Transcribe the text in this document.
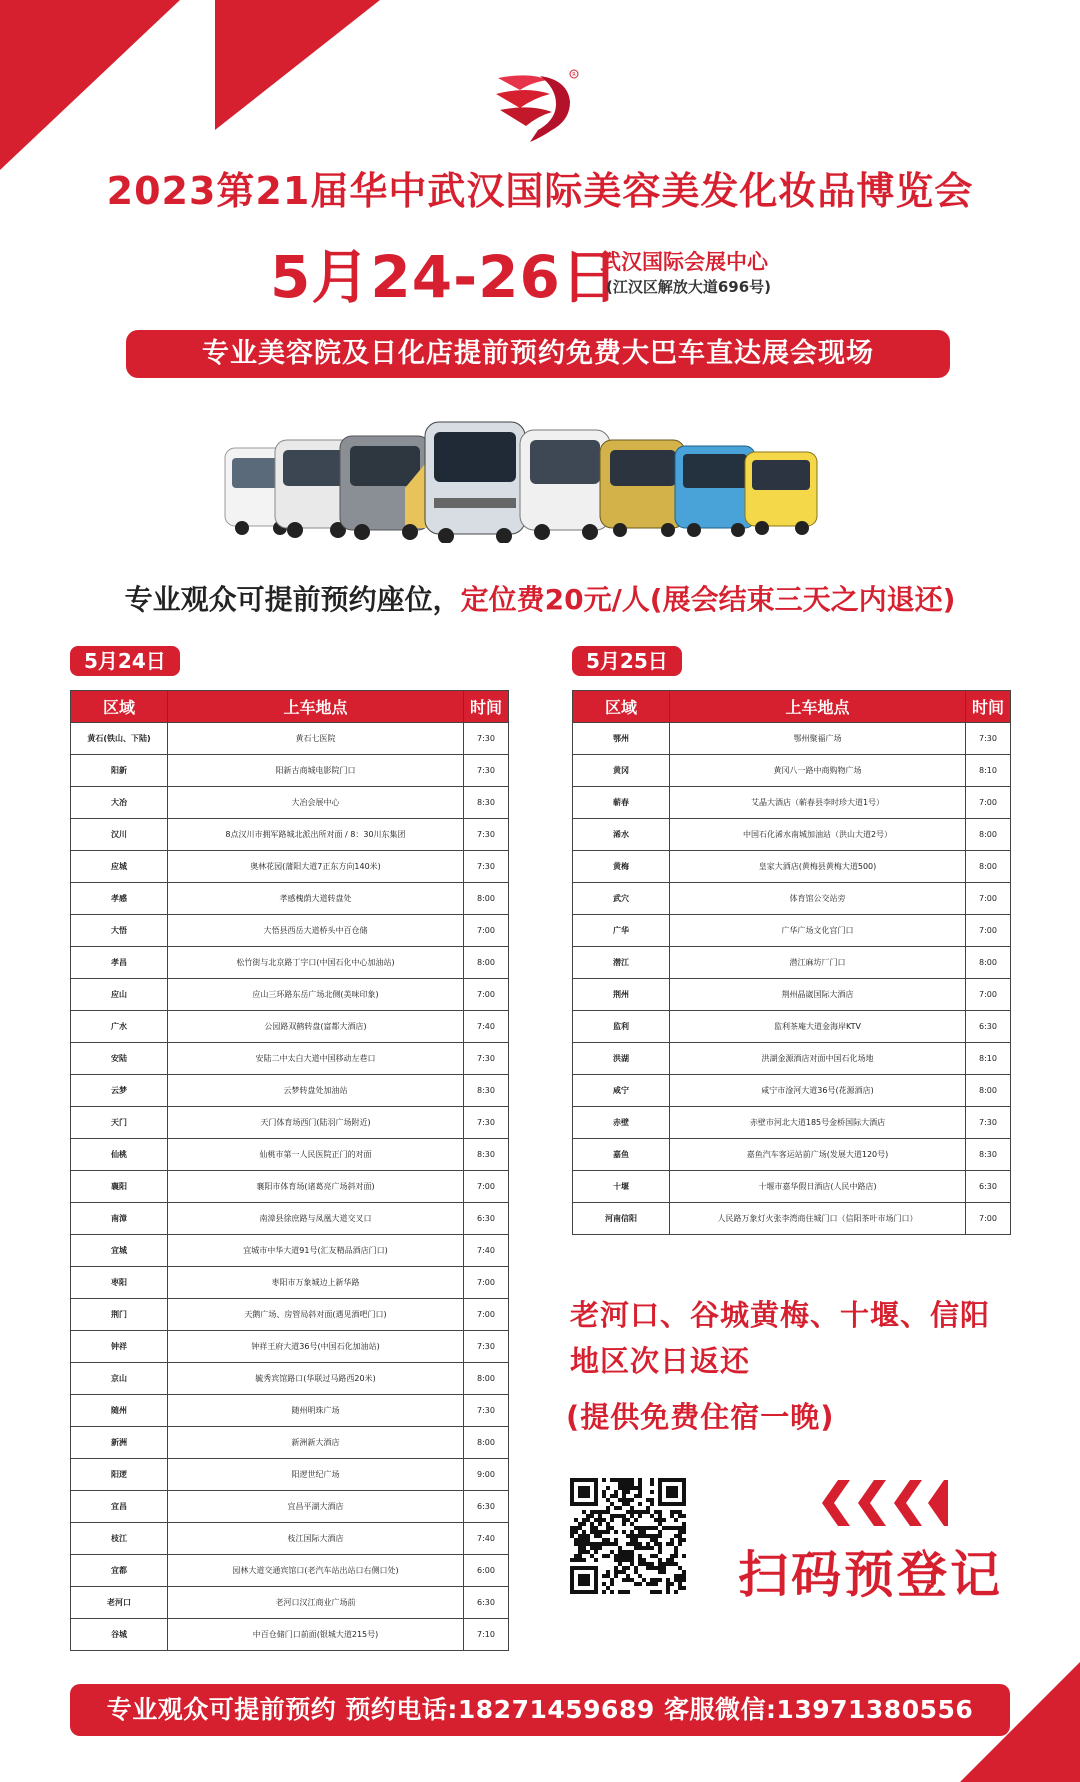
R
2023第21届华中武汉国际美容美发化妆品博览会
5月24-26日
武汉国际会展中心
(江汉区解放大道696号)
专业美容院及日化店提前预约免费大巴车直达展会现场
专业观众可提前预约座位，定位费20元/人(展会结束三天之内退还)
5月24日	5月25日
区域	上车地点	时间
黄石(铁山、下陆)	黄石七医院	7:30
阳新	阳新古商城电影院门口	7:30
大冶	大冶会展中心	8:30
汉川	8点汉川市拥军路城北派出所对面 / 8：30川东集团	7:30
应城	奥林花园(蒲阳大道7正东方向140米)	7:30
孝感	孝感槐荫大道转盘处	8:00
大悟	大悟县西岳大道桥头中百仓储	7:00
孝昌	松竹街与北京路丁字口(中国石化中心加油站)	8:00
应山	应山三环路东岳广场北侧(美味印象)	7:00
广水	公园路双鹤转盘(富都大酒店)	7:40
安陆	安陆二中太白大道中国移动左巷口	7:30
云梦	云梦转盘处加油站	8:30
天门	天门体育场西门(陆羽广场附近)	7:30
仙桃	仙桃市第一人民医院正门的对面	8:30
襄阳	襄阳市体育场(诸葛亮广场斜对面)	7:00
南漳	南漳县徐庶路与凤凰大道交叉口	6:30
宜城	宜城市中华大道91号(汇友精品酒店门口)	7:40
枣阳	枣阳市万象城边上新华路	7:00
荆门	天鹅广场、房管局斜对面(遇见酒吧门口)	7:00
钟祥	钟祥王府大道36号(中国石化加油站)	7:30
京山	毓秀宾馆路口(华联过马路西20米)	8:00
随州	随州明珠广场	7:30
新洲	新洲新大酒店	8:00
阳逻	阳逻世纪广场	9:00
宜昌	宜昌平湖大酒店	6:30
枝江	枝江国际大酒店	7:40
宜都	园林大道交通宾馆口(老汽车站出站口右侧口处)	6:00
老河口	老河口汉江商业广场前	6:30
谷城	中百仓储门口前面(银城大道215号)	7:10
区域	上车地点	时间
鄂州	鄂州聚福广场	7:30
黄冈	黄冈八一路中商购物广场	8:10
蕲春	艾晶大酒店（蕲春县李时珍大道1号）	7:00
浠水	中国石化浠水南城加油站（洪山大道2号）	8:00
黄梅	皇家大酒店(黄梅县黄梅大道500)	8:00
武穴	体育馆公交站旁	7:00
广华	广华广场文化宫门口	7:00
潜江	潜江麻坊厂门口	8:00
荆州	荆州晶崴国际大酒店	7:00
监利	监利茶庵大道金海岸KTV	6:30
洪湖	洪湖金源酒店对面中国石化场地	8:10
咸宁	咸宁市淦河大道36号(花源酒店)	8:00
赤壁	赤壁市河北大道185号金桥国际大酒店	7:30
嘉鱼	嘉鱼汽车客运站前广场(发展大道120号)	8:30
十堰	十堰市嘉华假日酒店(人民中路店)	6:30
河南信阳	人民路万象灯火张李湾商住城门口（信阳茶叶市场门口）	7:00
老河口、谷城黄梅、十堰、信阳
地区次日返还
(提供免费住宿一晚)
扫码预登记
专业观众可提前预约 预约电话:18271459689 客服微信:13971380556
